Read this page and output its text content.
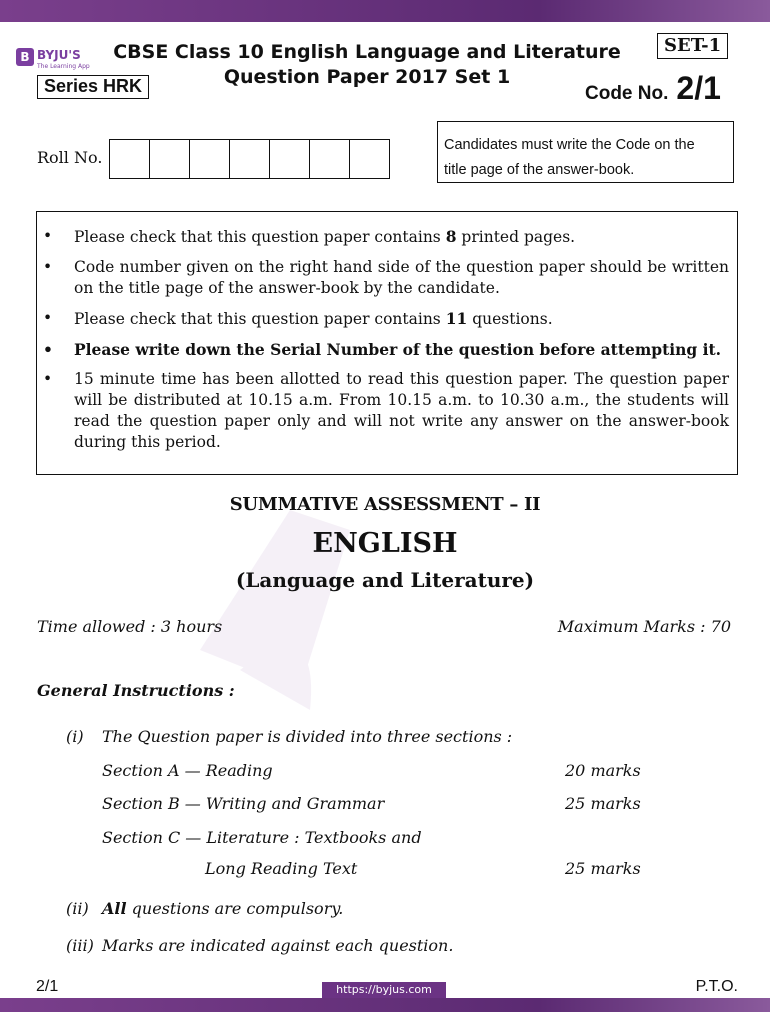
B BYJU'S
The Learning App
CBSE Class 10 English Language and Literature
Question Paper 2017 Set 1
SET-1
Series HRK	Code No. 2/1
Roll No.
Candidates must write the Code on the
title page of the answer-book.
• Please check that this question paper contains 8 printed pages.
• Code number given on the right hand side of the question paper should be written on the title page of the answer-book by the candidate.
• Please check that this question paper contains 11 questions.
• Please write down the Serial Number of the question before attempting it.
• 15 minute time has been allotted to read this question paper. The question paper will be distributed at 10.15 a.m. From 10.15 a.m. to 10.30 a.m., the students will read the question paper only and will not write any answer on the answer-book during this period.
SUMMATIVE ASSESSMENT – II
ENGLISH
(Language and Literature)
Time allowed : 3 hours	Maximum Marks : 70
General Instructions :
(i) The Question paper is divided into three sections :
Section A — Reading	20 marks
Section B — Writing and Grammar	25 marks
Section C — Literature : Textbooks and
Long Reading Text	25 marks
(ii) All questions are compulsory.
(iii) Marks are indicated against each question.
2/1	https://byjus.com	P.T.O.
